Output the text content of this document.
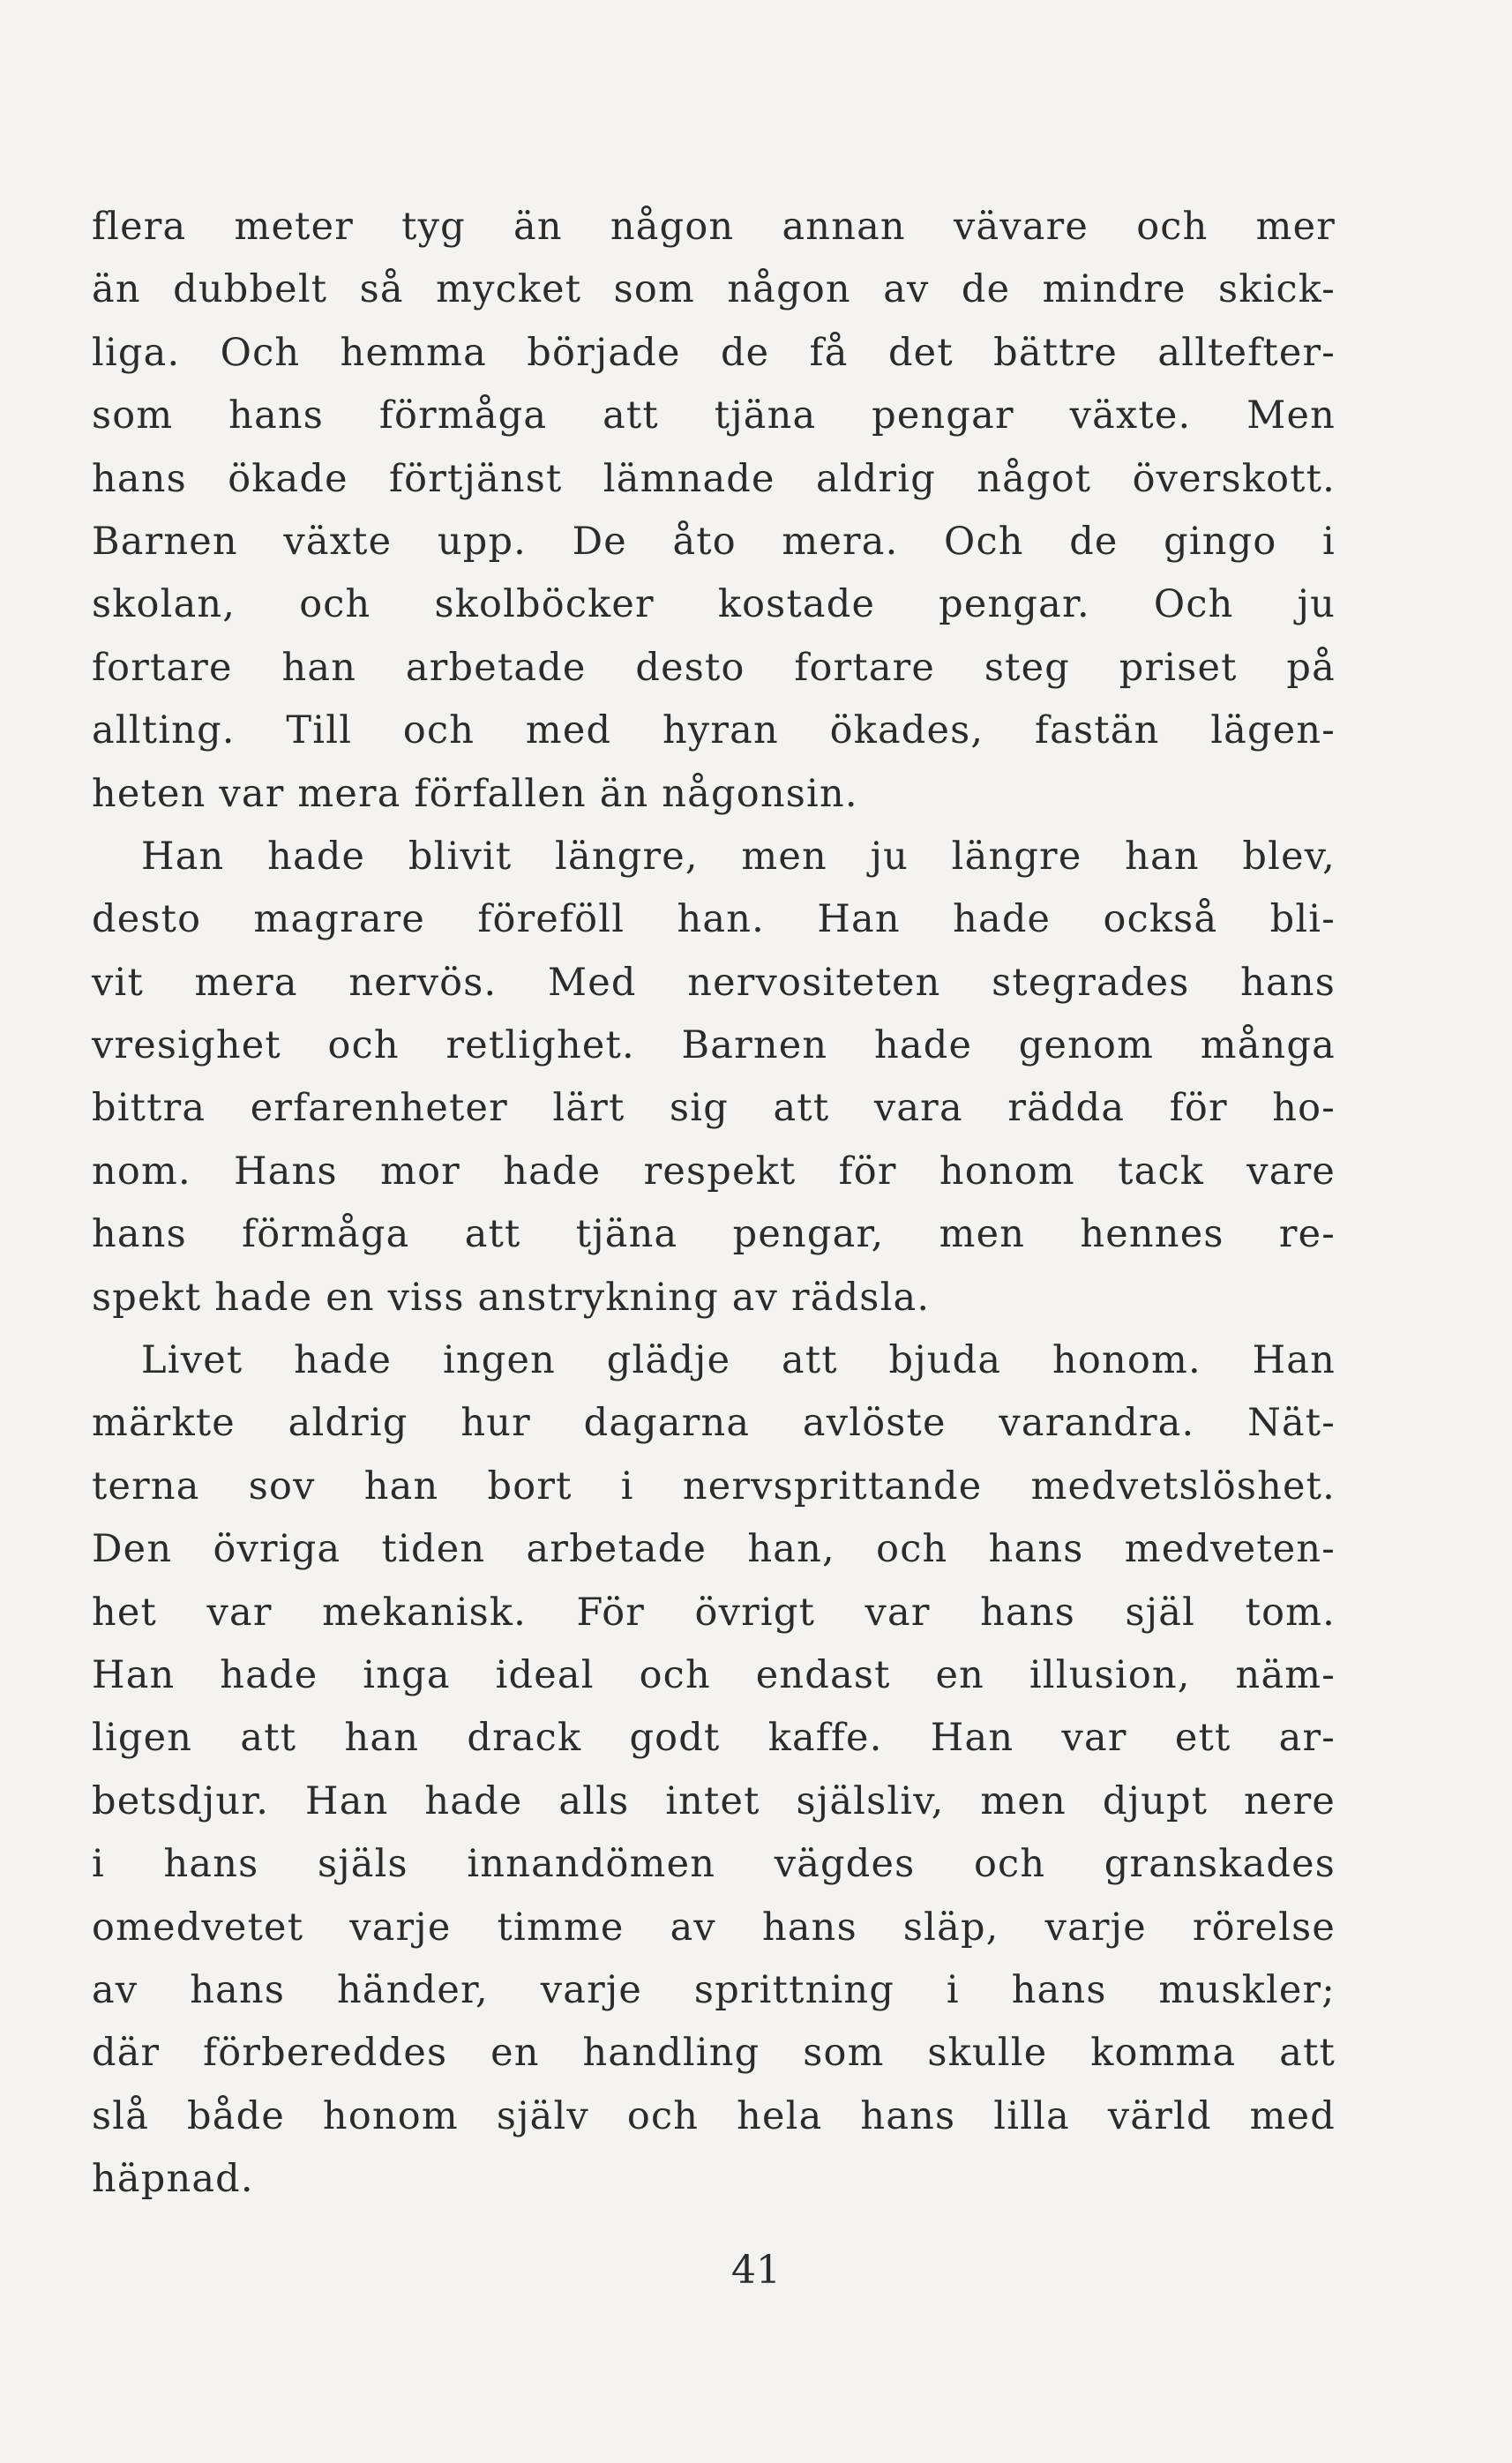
flera meter tyg än någon annan vävare och mer
än dubbelt så mycket som någon av de mindre skick-
liga. Och hemma började de få det bättre alltefter-
som hans förmåga att tjäna pengar växte. Men
hans ökade förtjänst lämnade aldrig något överskott.
Barnen växte upp. De åto mera. Och de gingo i
skolan, och skolböcker kostade pengar. Och ju
fortare han arbetade desto fortare steg priset på
allting. Till och med hyran ökades, fastän lägen-
heten var mera förfallen än någonsin.
Han hade blivit längre, men ju längre han blev,
desto magrare föreföll han. Han hade också bli-
vit mera nervös. Med nervositeten stegrades hans
vresighet och retlighet. Barnen hade genom många
bittra erfarenheter lärt sig att vara rädda för ho-
nom. Hans mor hade respekt för honom tack vare
hans förmåga att tjäna pengar, men hennes re-
spekt hade en viss anstrykning av rädsla.
Livet hade ingen glädje att bjuda honom. Han
märkte aldrig hur dagarna avlöste varandra. Nät-
terna sov han bort i nervsprittande medvetslöshet.
Den övriga tiden arbetade han, och hans medveten-
het var mekanisk. För övrigt var hans själ tom.
Han hade inga ideal och endast en illusion, näm-
ligen att han drack godt kaffe. Han var ett ar-
betsdjur. Han hade alls intet själsliv, men djupt nere
i hans själs innandömen vägdes och granskades
omedvetet varje timme av hans släp, varje rörelse
av hans händer, varje sprittning i hans muskler;
där förbereddes en handling som skulle komma att
slå både honom själv och hela hans lilla värld med
häpnad.
41
